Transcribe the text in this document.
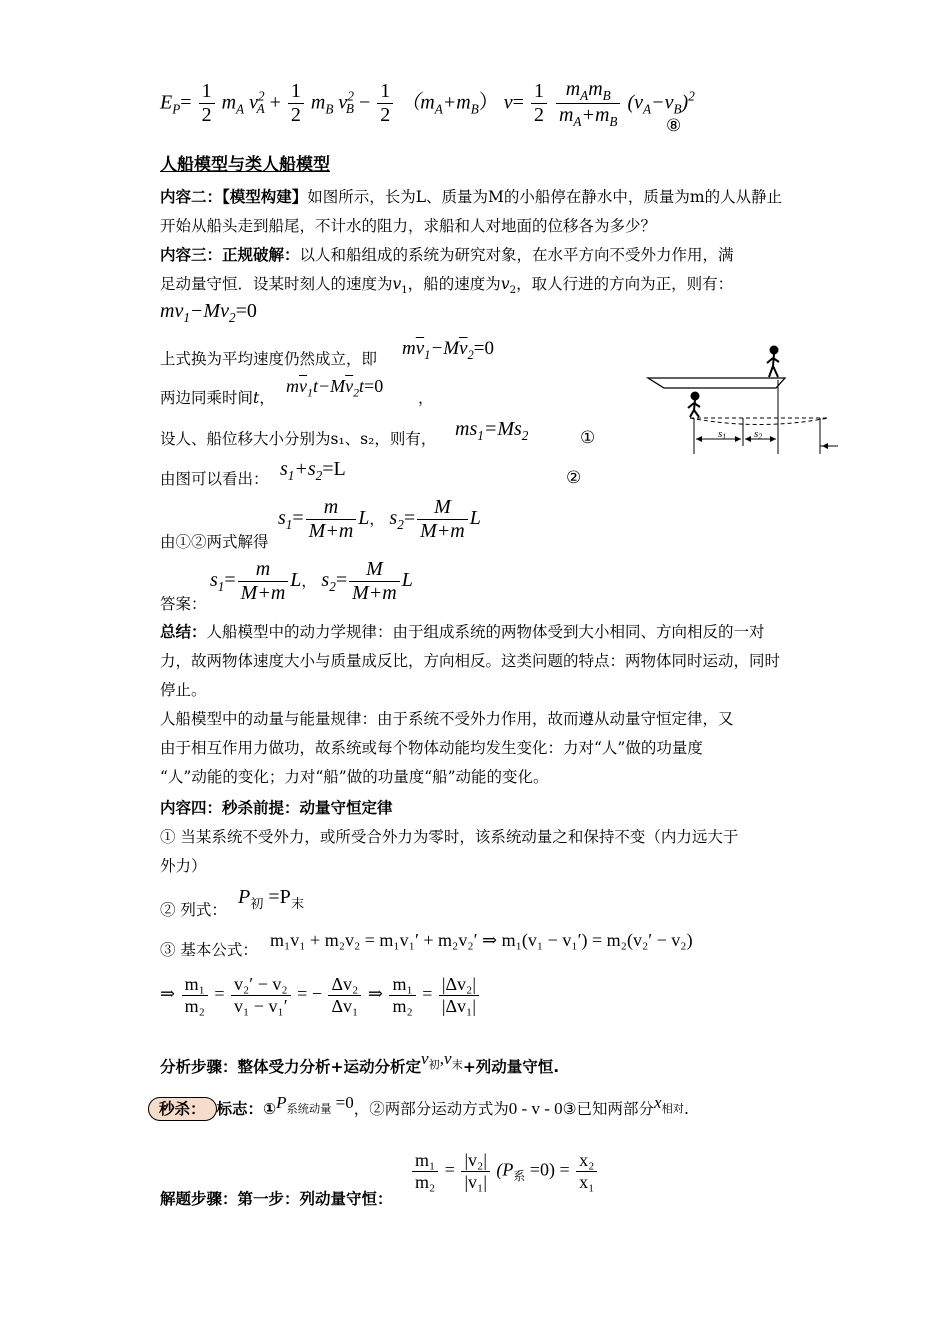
$E_P= \frac{1}{2} m_A$ $v^2_A + \frac{1}{2} m_B$ $v^2_B - \frac{1}{2} (m_A+m_B)$ $v= \frac{1}{2}$
$\frac{m_Am_B}{m_A+m_B} (v_A-v_B)^2$
⑧
人船模型与类人船模型
内容二：【模型构建】如图所示，长为L、质量为M的小船停在静水中，质量为m的人从静止开始从船头走到船尾，不计水的阻力，求船和人对地面的位移各为多少？
内容三：正规破解：以人和船组成的系统为研究对象，在水平方向不受外力作用，满
足动量守恒．设某时刻人的速度为$v_1$，船的速度为$v_2$，取人行进的方向为正，则有：
$mv_1-Mv_2=0$
上式换为平均速度仍然成立，即 $m\overline{v}_1-M\overline{v}_2=0$
两边同乘时间t，
$m\overline{v}_1t-M\overline{v}_2t=0$
，
设人、船位移大小分别为s₁、s₂，则有， $ms_1=Ms_2$	①
由图可以看出： $s_1+s_2=L$	②
由①②两式解得
$s_1= \frac{m}{M+m}$ L， $s_2= \frac{M}{M+m}$ L
答案：
$s_1= \frac{m}{M+m}$ L， $s_2= \frac{M}{M+m}$ L
总结：人船模型中的动力学规律：由于组成系统的两物体受到大小相同、方向相反的一对力，故两物体速度大小与质量成反比，方向相反。这类问题的特点：两物体同时运动，同时停止。
人船模型中的动量与能量规律：由于系统不受外力作用，故而遵从动量守恒定律，又
由于相互作用力做功，故系统或每个物体动能均发生变化：力对“人”做的功量度
“人”动能的变化；力对“船”做的功量度“船”动能的变化。
内容四：秒杀前提：动量守恒定律
① 当某系统不受外力，或所受合外力为零时，该系统动量之和保持不变（内力远大于
外力）
② 列式：
$P_初 =P_末$
③ 基本公式： m₁v₁ + m₂v₂ = m₁v₁′ + m₂v₂′ ⇒ m₁(v₁ − v₁′) = m₂(v₂′ − v₂)
⇒ $\frac{\text{m₁}}{\text{m₂}} = \frac{\text{v₂′ − v₂}}{\text{v₁ − v₁′}}$ = − $\frac{\text{Δv₂}}{\text{Δv₁}}$ ⇒ $\frac{\text{m₁}}{\text{m₂}} = \frac{\text{|Δv₂|}}{\text{|Δv₁|}}$
分析步骤：整体受力分析+运动分析定$v_初,v_末+$列动量守恒.
秒杀： 标志：$①P_{系统动量} =0$，②两部分运动方式为0 - v - 0③已知两部分$x_{相对}$.
解题步骤：第一步：列动量守恒：
$\frac{\text{m₁}}{\text{m₂}} = \frac{\text{|v₂|}}{\text{|v₁|}} (P_系 =0) = \frac{\text{x₂}}{\text{x₁}}$
s1	s2
